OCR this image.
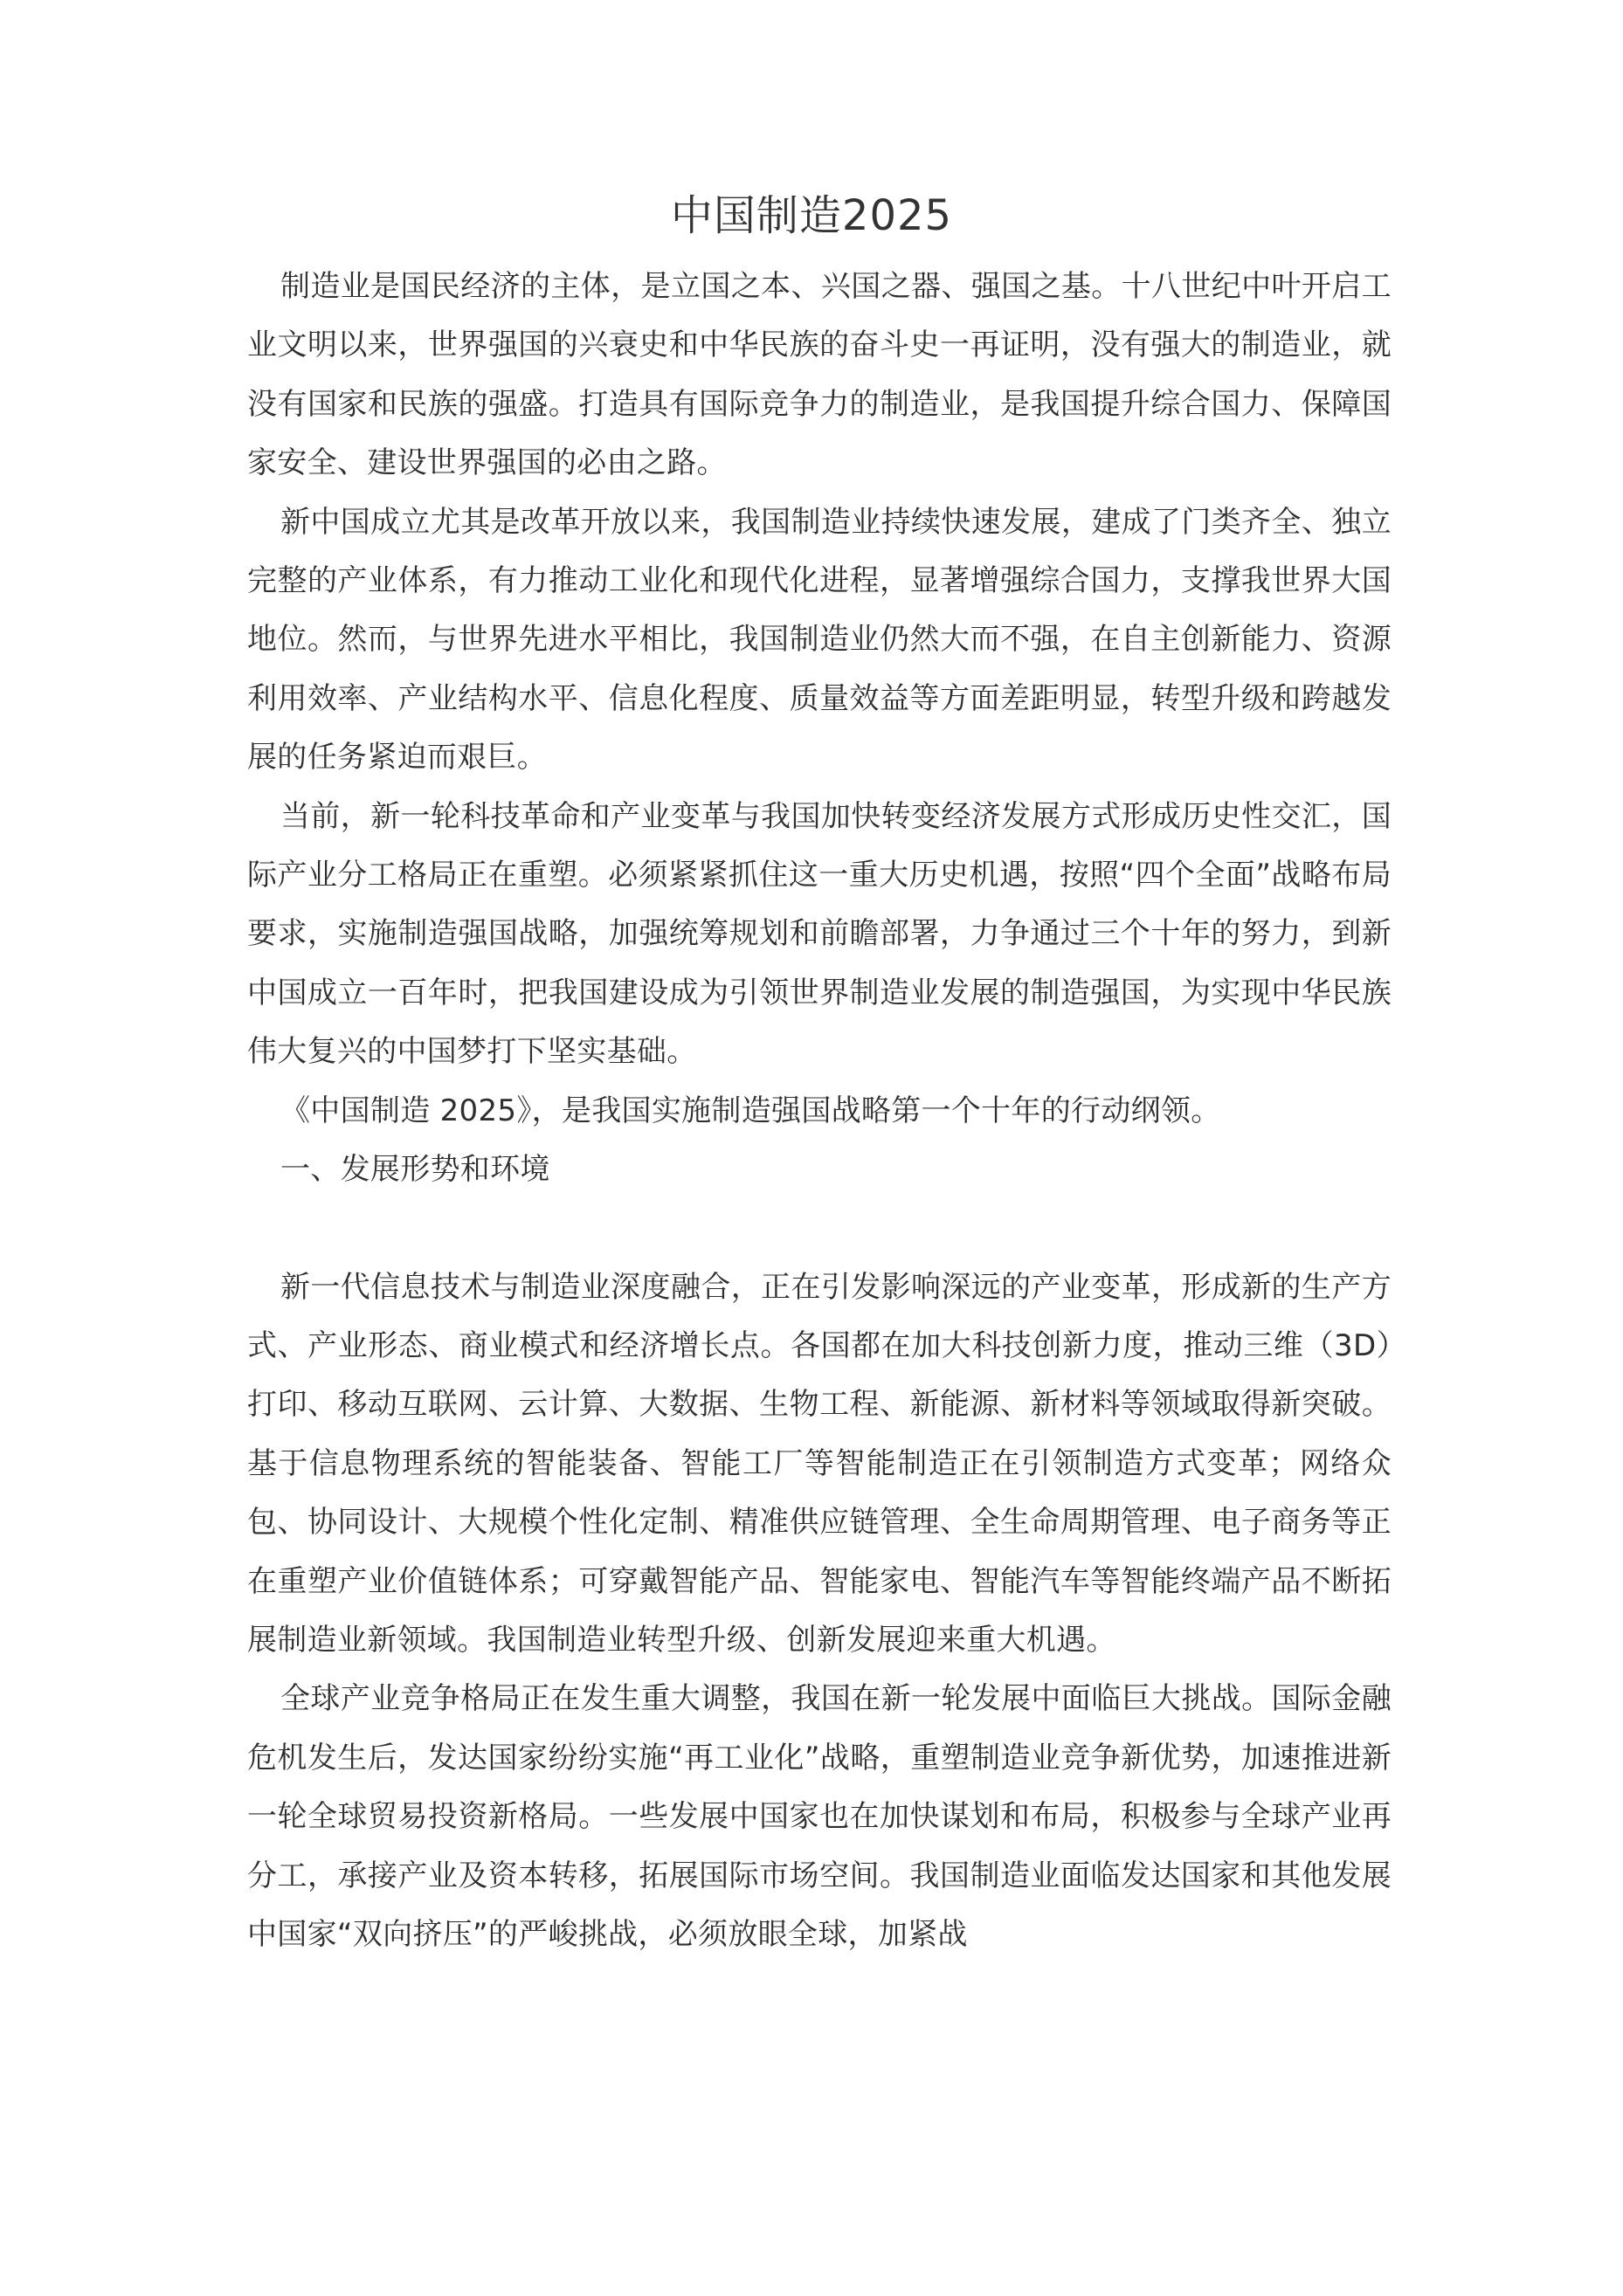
中国制造2025

制造业是国民经济的主体，是立国之本、兴国之器、强国之基。十八世纪中叶开启工业文明以来，世界强国的兴衰史和中华民族的奋斗史一再证明，没有强大的制造业，就没有国家和民族的强盛。打造具有国际竞争力的制造业，是我国提升综合国力、保障国家安全、建设世界强国的必由之路。

新中国成立尤其是改革开放以来，我国制造业持续快速发展，建成了门类齐全、独立完整的产业体系，有力推动工业化和现代化进程，显著增强综合国力，支撑我世界大国地位。然而，与世界先进水平相比，我国制造业仍然大而不强，在自主创新能力、资源利用效率、产业结构水平、信息化程度、质量效益等方面差距明显，转型升级和跨越发展的任务紧迫而艰巨。

当前，新一轮科技革命和产业变革与我国加快转变经济发展方式形成历史性交汇，国际产业分工格局正在重塑。必须紧紧抓住这一重大历史机遇，按照“四个全面”战略布局要求，实施制造强国战略，加强统筹规划和前瞻部署，力争通过三个十年的努力，到新中国成立一百年时，把我国建设成为引领世界制造业发展的制造强国，为实现中华民族伟大复兴的中国梦打下坚实基础。

《中国制造 2025》，是我国实施制造强国战略第一个十年的行动纲领。

一、发展形势和环境

新一代信息技术与制造业深度融合，正在引发影响深远的产业变革，形成新的生产方式、产业形态、商业模式和经济增长点。各国都在加大科技创新力度，推动三维（3D）打印、移动互联网、云计算、大数据、生物工程、新能源、新材料等领域取得新突破。基于信息物理系统的智能装备、智能工厂等智能制造正在引领制造方式变革；网络众包、协同设计、大规模个性化定制、精准供应链管理、全生命周期管理、电子商务等正在重塑产业价值链体系；可穿戴智能产品、智能家电、智能汽车等智能终端产品不断拓展制造业新领域。我国制造业转型升级、创新发展迎来重大机遇。

全球产业竞争格局正在发生重大调整，我国在新一轮发展中面临巨大挑战。国际金融危机发生后，发达国家纷纷实施“再工业化”战略，重塑制造业竞争新优势，加速推进新一轮全球贸易投资新格局。一些发展中国家也在加快谋划和布局，积极参与全球产业再分工，承接产业及资本转移，拓展国际市场空间。我国制造业面临发达国家和其他发展中国家“双向挤压”的严峻挑战，必须放眼全球，加紧战
